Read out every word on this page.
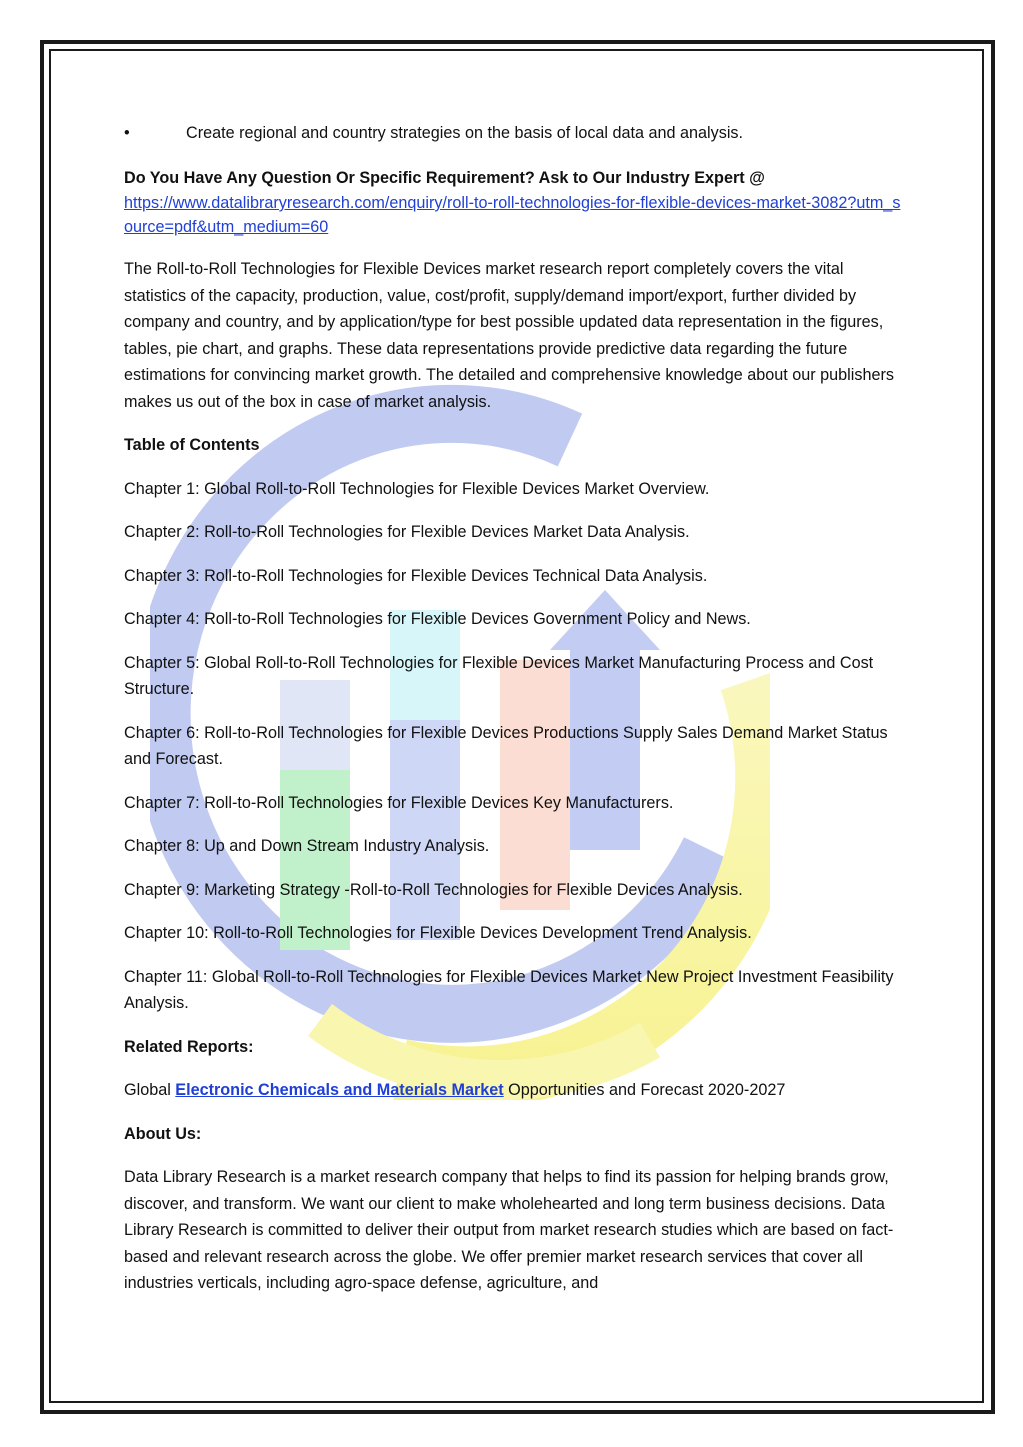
•	Create regional and country strategies on the basis of local data and analysis.

Do You Have Any Question Or Specific Requirement? Ask to Our Industry Expert @

https://www.datalibraryresearch.com/enquiry/roll-to-roll-technologies-for-flexible-devices-market-3082?utm_source=pdf&utm_medium=60

The Roll-to-Roll Technologies for Flexible Devices market research report completely covers the vital statistics of the capacity, production, value, cost/profit, supply/demand import/export, further divided by company and country, and by application/type for best possible updated data representation in the figures, tables, pie chart, and graphs. These data representations provide predictive data regarding the future estimations for convincing market growth. The detailed and comprehensive knowledge about our publishers makes us out of the box in case of market analysis.

Table of Contents

Chapter 1: Global Roll-to-Roll Technologies for Flexible Devices Market Overview.

Chapter 2: Roll-to-Roll Technologies for Flexible Devices Market Data Analysis.

Chapter 3: Roll-to-Roll Technologies for Flexible Devices Technical Data Analysis.

Chapter 4: Roll-to-Roll Technologies for Flexible Devices Government Policy and News.

Chapter 5: Global Roll-to-Roll Technologies for Flexible Devices Market Manufacturing Process and Cost Structure.

Chapter 6: Roll-to-Roll Technologies for Flexible Devices Productions Supply Sales Demand Market Status and Forecast.

Chapter 7: Roll-to-Roll Technologies for Flexible Devices Key Manufacturers.

Chapter 8: Up and Down Stream Industry Analysis.

Chapter 9: Marketing Strategy -Roll-to-Roll Technologies for Flexible Devices Analysis.

Chapter 10: Roll-to-Roll Technologies for Flexible Devices Development Trend Analysis.

Chapter 11: Global Roll-to-Roll Technologies for Flexible Devices Market New Project Investment Feasibility Analysis.

Related Reports:

Global Electronic Chemicals and Materials Market Opportunities and Forecast 2020-2027

About Us:

Data Library Research is a market research company that helps to find its passion for helping brands grow, discover, and transform. We want our client to make wholehearted and long term business decisions. Data Library Research is committed to deliver their output from market research studies which are based on fact-based and relevant research across the globe. We offer premier market research services that cover all industries verticals, including agro-space defense, agriculture, and
